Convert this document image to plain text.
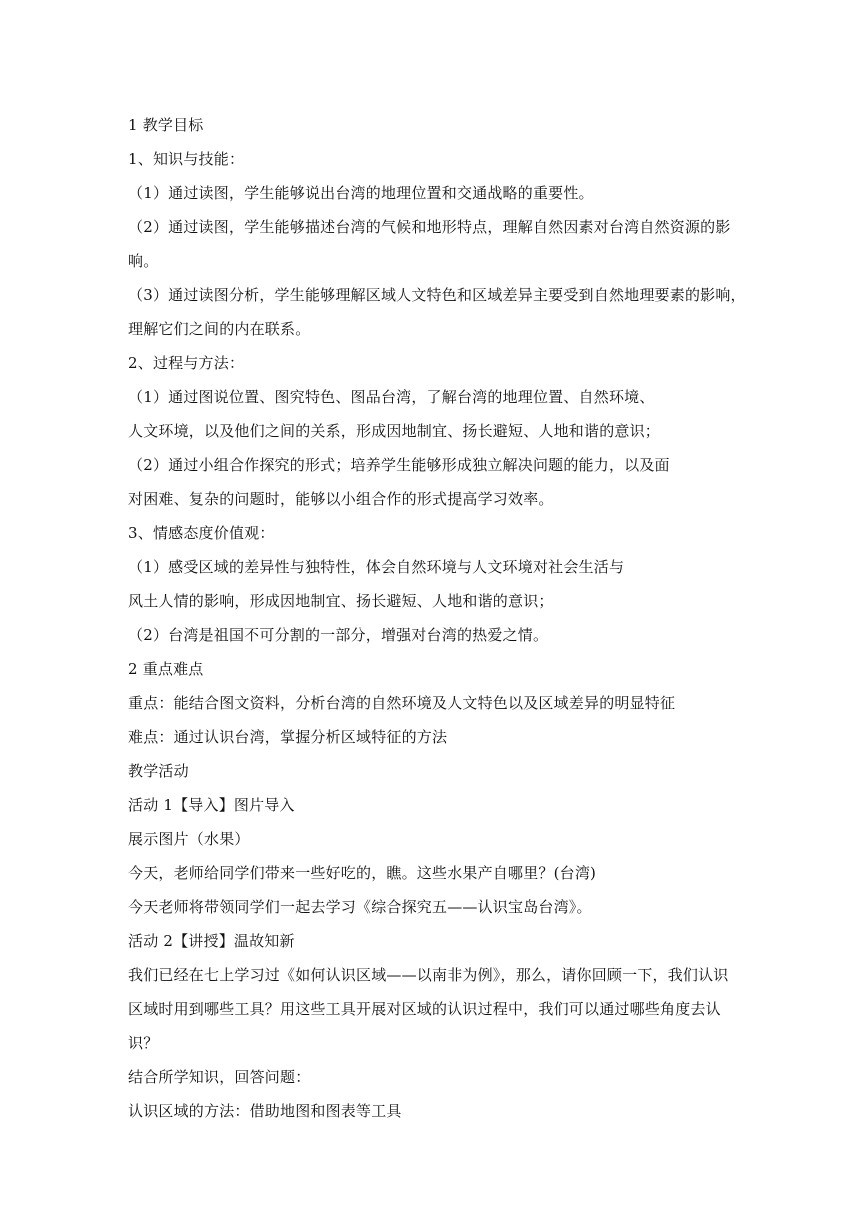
1 教学目标
1、知识与技能：
（1）通过读图，学生能够说出台湾的地理位置和交通战略的重要性。
（2）通过读图，学生能够描述台湾的气候和地形特点，理解自然因素对台湾自然资源的影
响。
（3）通过读图分析，学生能够理解区域人文特色和区域差异主要受到自然地理要素的影响，
理解它们之间的内在联系。
2、过程与方法：
（1）通过图说位置、图究特色、图品台湾，了解台湾的地理位置、自然环境、
人文环境，以及他们之间的关系，形成因地制宜、扬长避短、人地和谐的意识；
（2）通过小组合作探究的形式；培养学生能够形成独立解决问题的能力，以及面
对困难、复杂的问题时，能够以小组合作的形式提高学习效率。
3、情感态度价值观：
（1）感受区域的差异性与独特性，体会自然环境与人文环境对社会生活与
风土人情的影响，形成因地制宜、扬长避短、人地和谐的意识；
（2）台湾是祖国不可分割的一部分，增强对台湾的热爱之情。
2 重点难点
重点：能结合图文资料，分析台湾的自然环境及人文特色以及区域差异的明显特征
难点：通过认识台湾，掌握分析区域特征的方法
教学活动
活动 1【导入】图片导入
展示图片（水果）
今天，老师给同学们带来一些好吃的，瞧。这些水果产自哪里？(台湾)
今天老师将带领同学们一起去学习《综合探究五——认识宝岛台湾》。
活动 2【讲授】温故知新
我们已经在七上学习过《如何认识区域——以南非为例》，那么，请你回顾一下，我们认识
区域时用到哪些工具？用这些工具开展对区域的认识过程中，我们可以通过哪些角度去认
识？
结合所学知识，回答问题：
认识区域的方法：借助地图和图表等工具
